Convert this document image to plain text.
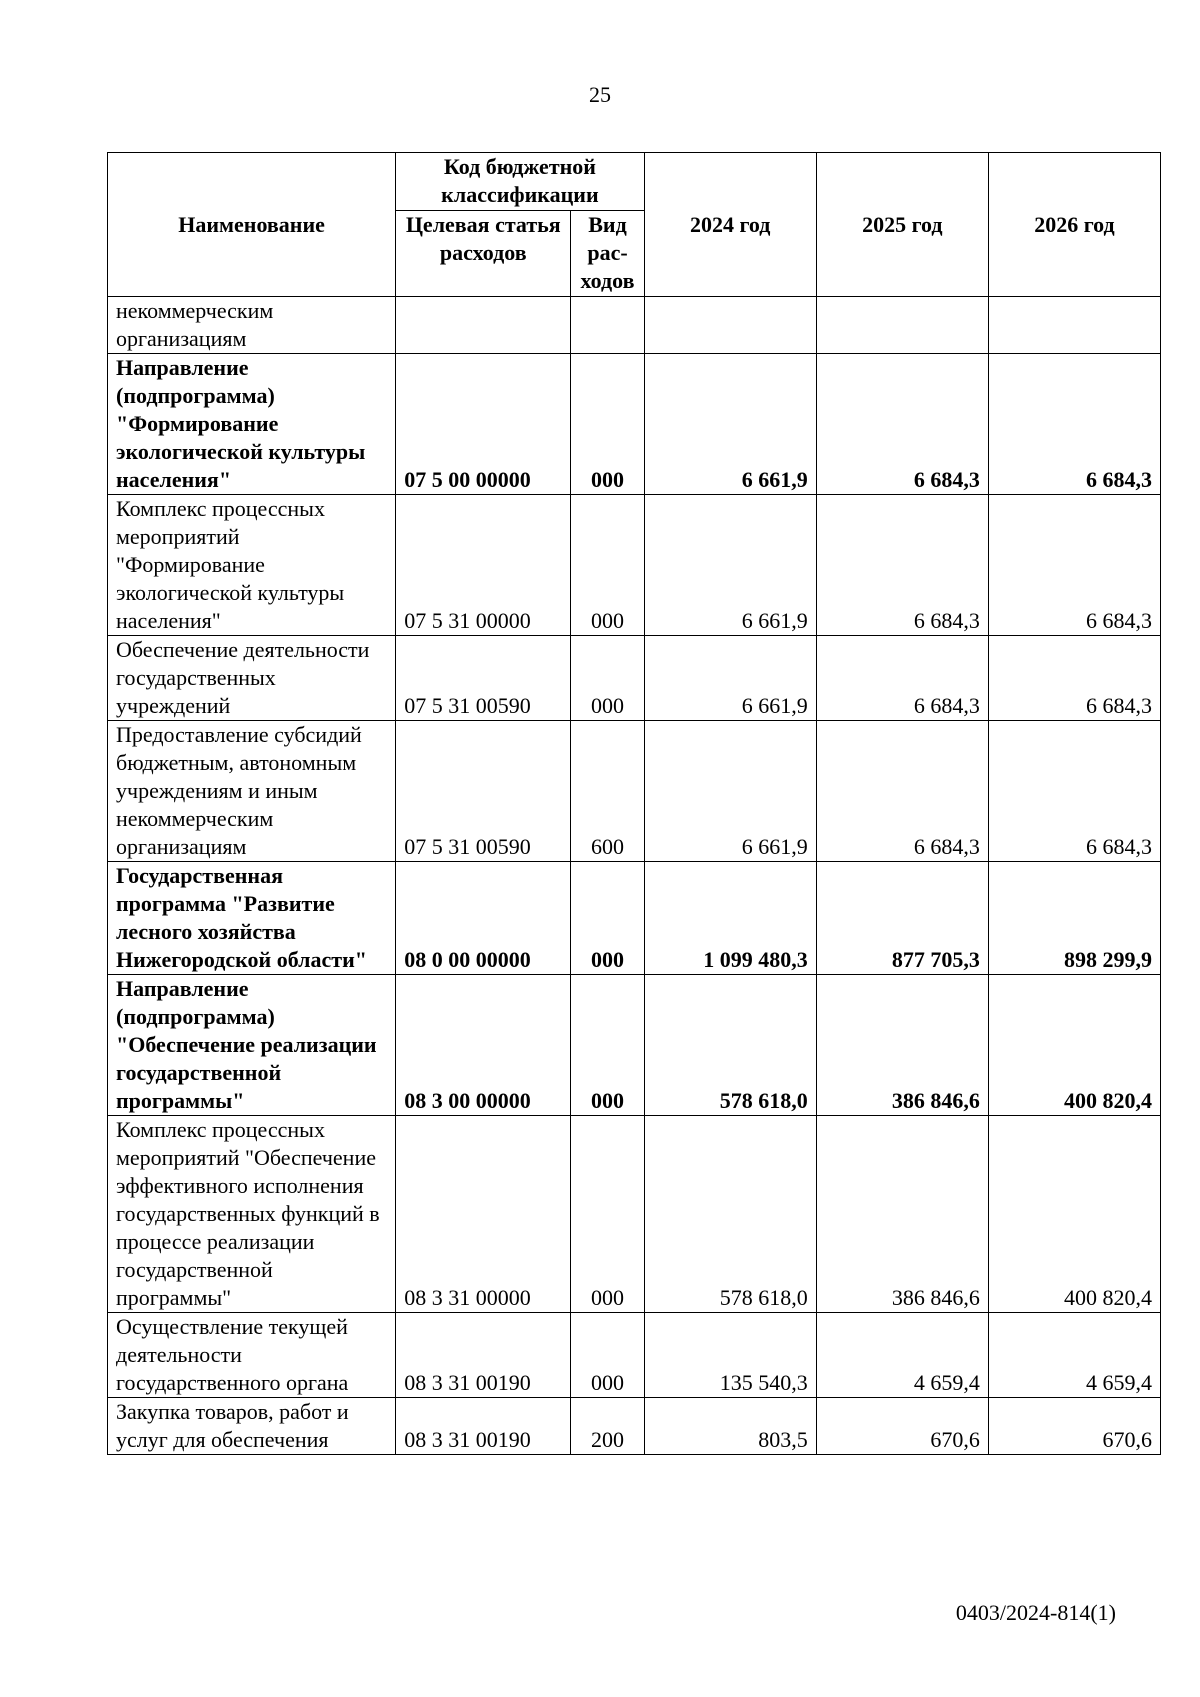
25
Наименование	Код бюджетной классификации		2024 год	2025 год	2026 год
	Целевая статья расходов	Вид рас-ходов			
некоммерческим организациям					
Направление (подпрограмма) "Формирование экологической культуры населения"	07 5 00 00000	000	6 661,9	6 684,3	6 684,3
Комплекс процессных мероприятий "Формирование экологической культуры населения"	07 5 31 00000	000	6 661,9	6 684,3	6 684,3
Обеспечение деятельности государственных учреждений	07 5 31 00590	000	6 661,9	6 684,3	6 684,3
Предоставление субсидий бюджетным, автономным учреждениям и иным некоммерческим организациям	07 5 31 00590	600	6 661,9	6 684,3	6 684,3
Государственная программа "Развитие лесного хозяйства Нижегородской области"	08 0 00 00000	000	1 099 480,3	877 705,3	898 299,9
Направление (подпрограмма) "Обеспечение реализации государственной программы"	08 3 00 00000	000	578 618,0	386 846,6	400 820,4
Комплекс процессных мероприятий "Обеспечение эффективного исполнения государственных функций в процессе реализации государственной программы"	08 3 31 00000	000	578 618,0	386 846,6	400 820,4
Осуществление текущей деятельности государственного органа	08 3 31 00190	000	135 540,3	4 659,4	4 659,4
Закупка товаров, работ и услуг для обеспечения	08 3 31 00190	200	803,5	670,6	670,6
0403/2024-814(1)
